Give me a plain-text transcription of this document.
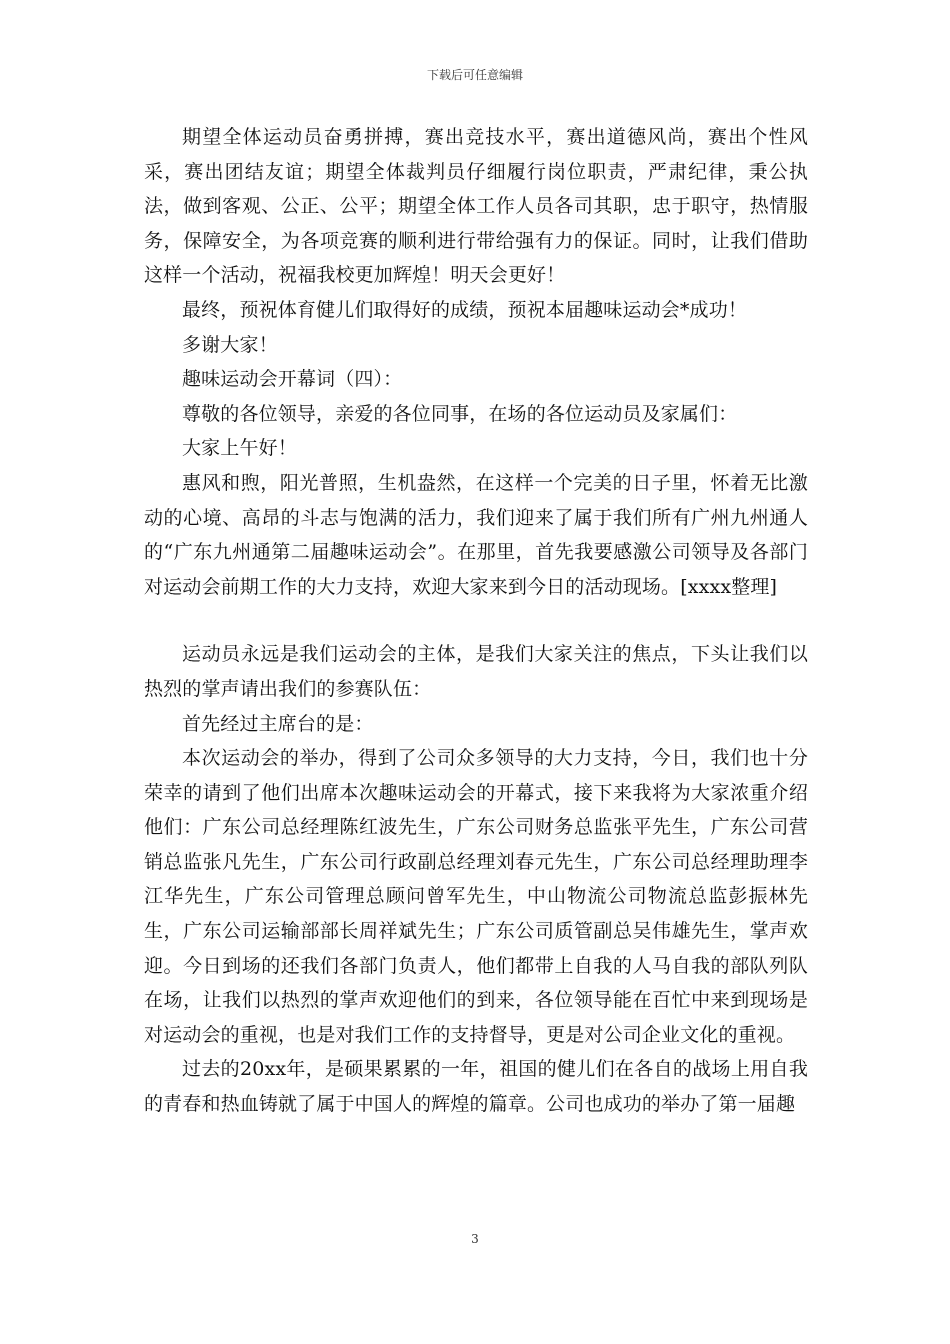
下载后可任意编辑

期望全体运动员奋勇拼搏，赛出竞技水平，赛出道德风尚，赛出个性风采，赛出团结友谊；期望全体裁判员仔细履行岗位职责，严肃纪律，秉公执法，做到客观、公正、公平；期望全体工作人员各司其职，忠于职守，热情服务，保障安全，为各项竞赛的顺利进行带给强有力的保证。同时，让我们借助这样一个活动，祝福我校更加辉煌！明天会更好！

最终，预祝体育健儿们取得好的成绩，预祝本届趣味运动会*成功！

多谢大家！

趣味运动会开幕词（四）：

尊敬的各位领导，亲爱的各位同事，在场的各位运动员及家属们：

大家上午好！

惠风和煦，阳光普照，生机盎然，在这样一个完美的日子里，怀着无比激动的心境、高昂的斗志与饱满的活力，我们迎来了属于我们所有广州九州通人的“广东九州通第二届趣味运动会”。在那里，首先我要感激公司领导及各部门对运动会前期工作的大力支持，欢迎大家来到今日的活动现场。[xxxx整理]

运动员永远是我们运动会的主体，是我们大家关注的焦点，下头让我们以热烈的掌声请出我们的参赛队伍：

首先经过主席台的是：

本次运动会的举办，得到了公司众多领导的大力支持，今日，我们也十分荣幸的请到了他们出席本次趣味运动会的开幕式，接下来我将为大家浓重介绍他们：广东公司总经理陈红波先生，广东公司财务总监张平先生，广东公司营销总监张凡先生，广东公司行政副总经理刘春元先生，广东公司总经理助理李江华先生，广东公司管理总顾问曾军先生，中山物流公司物流总监彭振林先生，广东公司运输部部长周祥斌先生；广东公司质管副总吴伟雄先生，掌声欢迎。今日到场的还我们各部门负责人，他们都带上自我的人马自我的部队列队在场，让我们以热烈的掌声欢迎他们的到来，各位领导能在百忙中来到现场是对运动会的重视，也是对我们工作的支持督导，更是对公司企业文化的重视。

过去的20xx年，是硕果累累的一年，祖国的健儿们在各自的战场上用自我的青春和热血铸就了属于中国人的辉煌的篇章。公司也成功的举办了第一届趣

3
